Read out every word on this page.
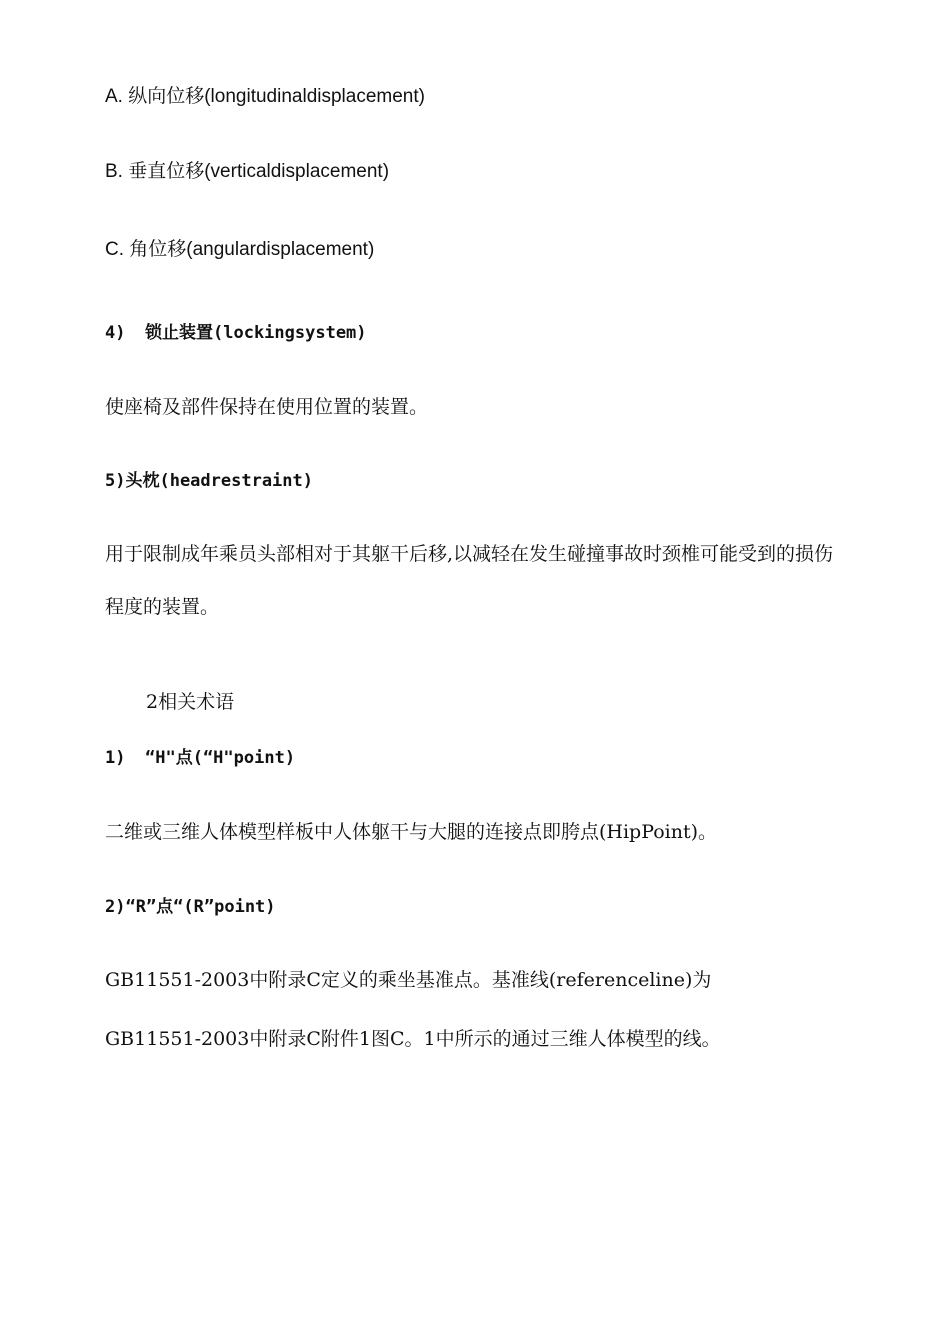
A. 纵向位移(longitudinaldisplacement)
B. 垂直位移(verticaldisplacement)
C. 角位移(angulardisplacement)
4) 锁止装置(lockingsystem)
使座椅及部件保持在使用位置的装置。
5)头枕(headrestraint)
用于限制成年乘员头部相对于其躯干后移,以减轻在发生碰撞事故时颈椎可能受到的损伤
程度的装置。
2相关术语
1) “H"点(“H"point)
二维或三维人体模型样板中人体躯干与大腿的连接点即胯点(HipPoint)。
2)“R”点“(R”point)
GB11551-2003中附录C定义的乘坐基准点。基准线(referenceline)为
GB11551-2003中附录C附件1图C。1中所示的通过三维人体模型的线。
